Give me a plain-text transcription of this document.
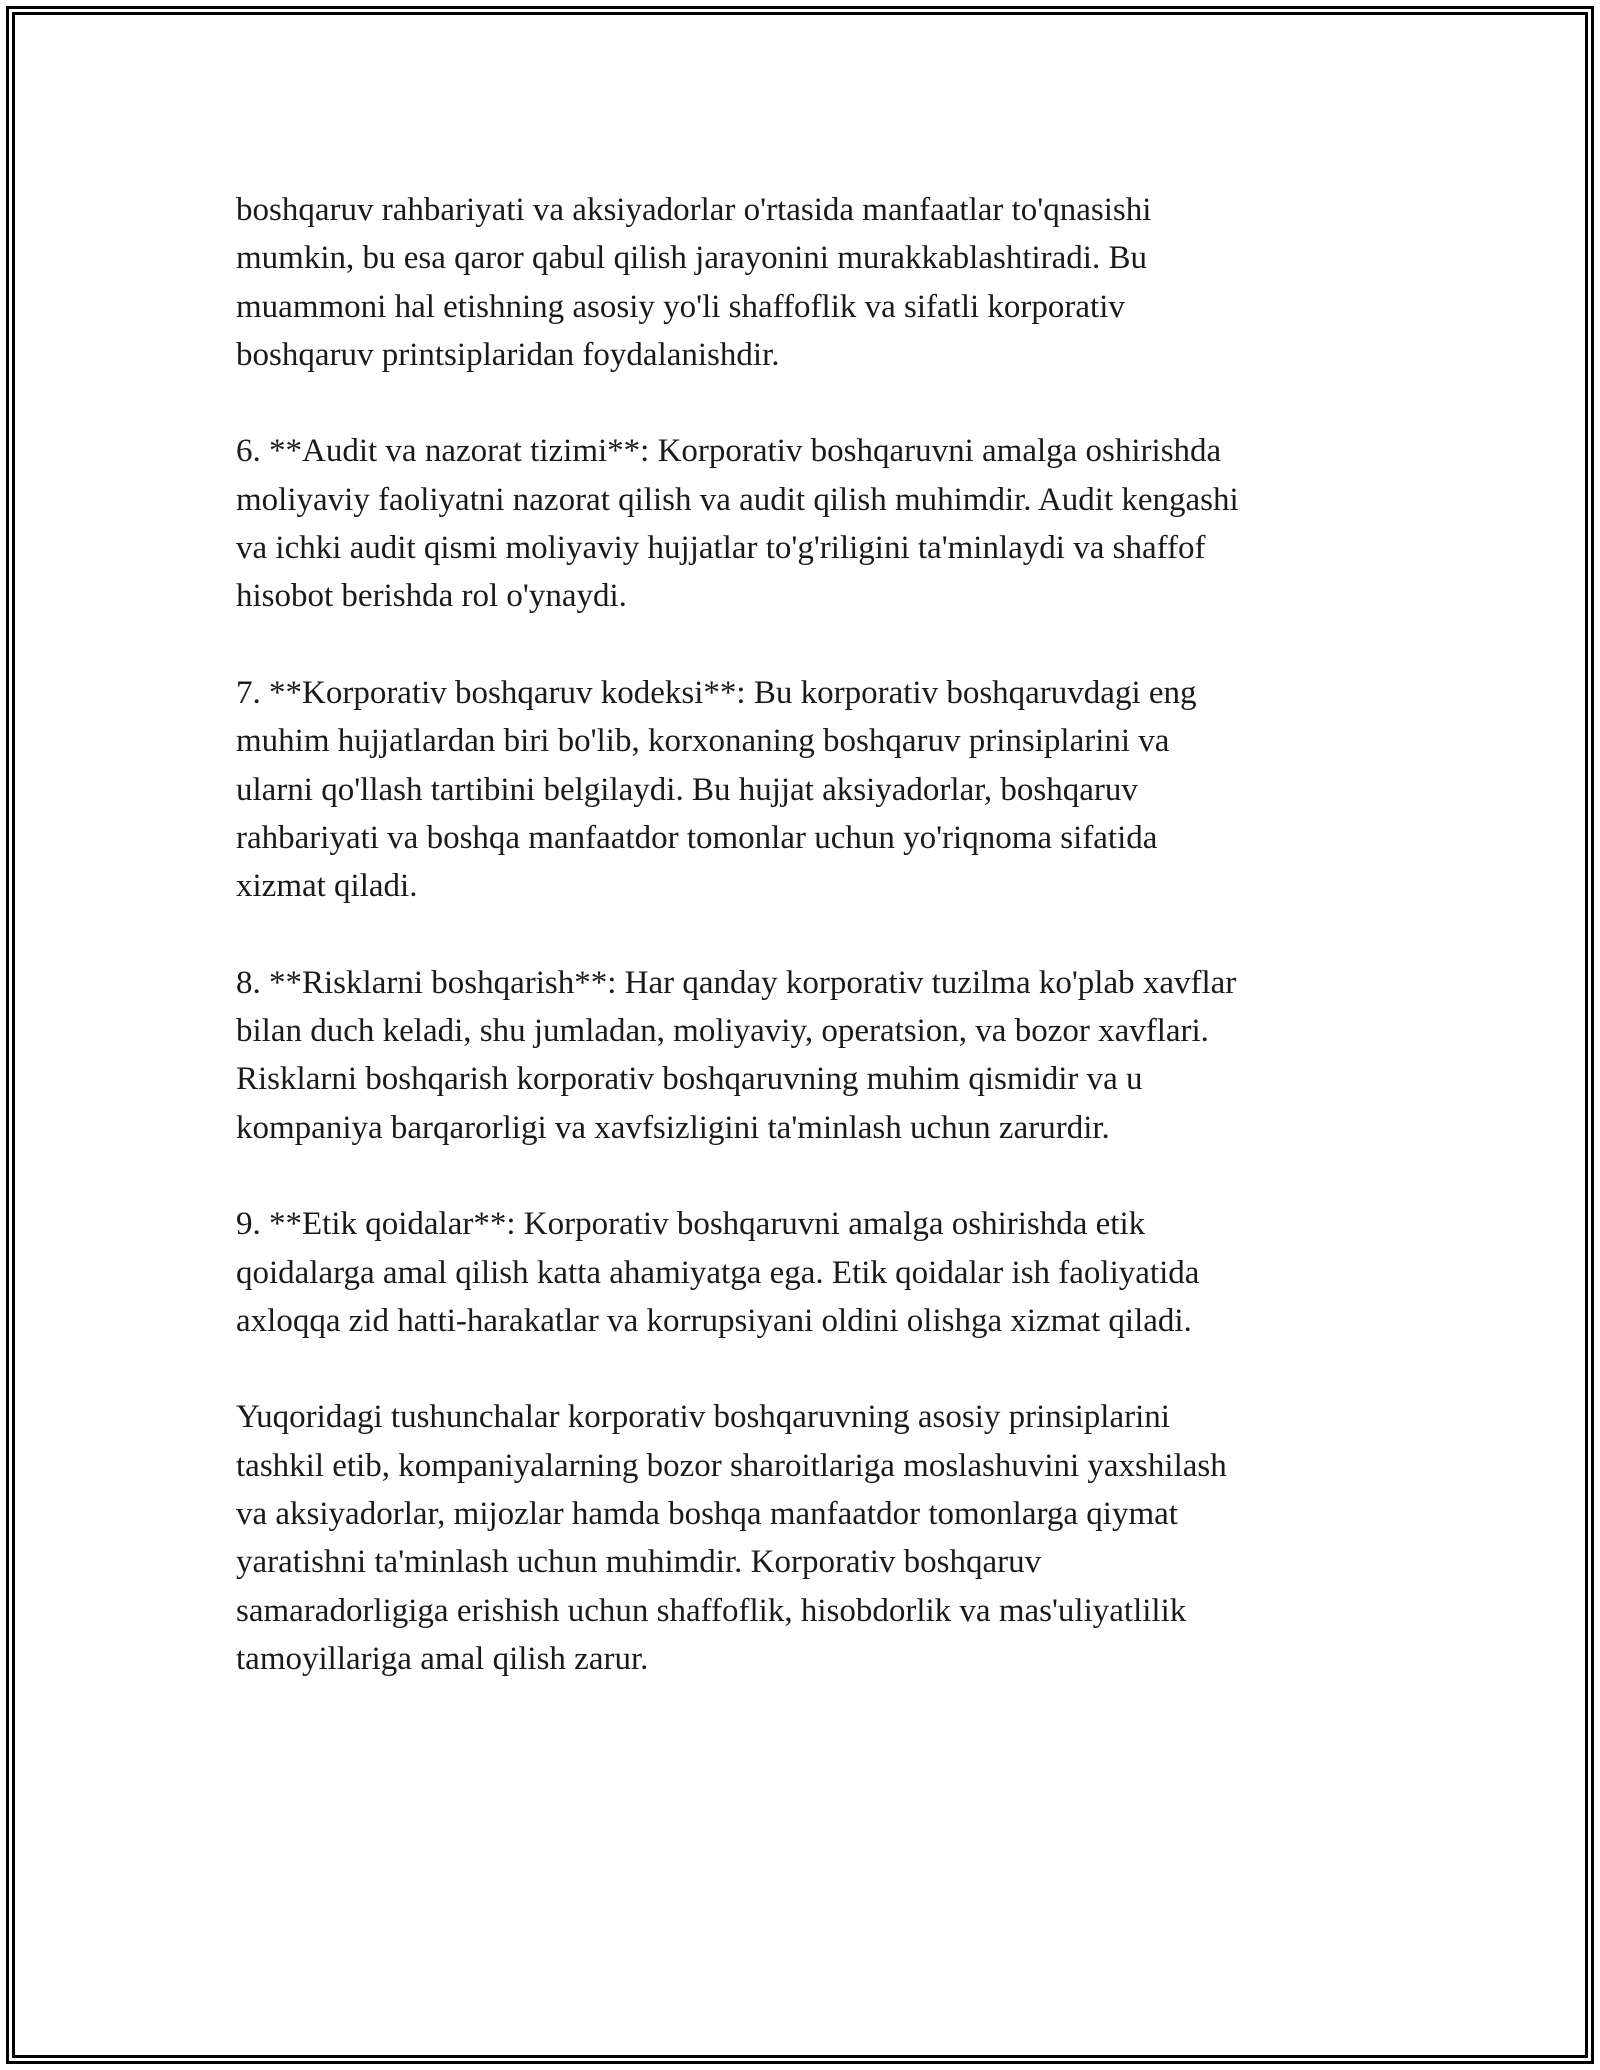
boshqaruv rahbariyati va aksiyadorlar o'rtasida manfaatlar to'qnasishi
mumkin, bu esa qaror qabul qilish jarayonini murakkablashtiradi. Bu
muammoni hal etishning asosiy yo'li shaffoflik va sifatli korporativ
boshqaruv printsiplaridan foydalanishdir.

6. **Audit va nazorat tizimi**: Korporativ boshqaruvni amalga oshirishda
moliyaviy faoliyatni nazorat qilish va audit qilish muhimdir. Audit kengashi
va ichki audit qismi moliyaviy hujjatlar to'g'riligini ta'minlaydi va shaffof
hisobot berishda rol o'ynaydi.

7. **Korporativ boshqaruv kodeksi**: Bu korporativ boshqaruvdagi eng
muhim hujjatlardan biri bo'lib, korxonaning boshqaruv prinsiplarini va
ularni qo'llash tartibini belgilaydi. Bu hujjat aksiyadorlar, boshqaruv
rahbariyati va boshqa manfaatdor tomonlar uchun yo'riqnoma sifatida
xizmat qiladi.

8. **Risklarni boshqarish**: Har qanday korporativ tuzilma ko'plab xavflar
bilan duch keladi, shu jumladan, moliyaviy, operatsion, va bozor xavflari.
Risklarni boshqarish korporativ boshqaruvning muhim qismidir va u
kompaniya barqarorligi va xavfsizligini ta'minlash uchun zarurdir.

9. **Etik qoidalar**: Korporativ boshqaruvni amalga oshirishda etik
qoidalarga amal qilish katta ahamiyatga ega. Etik qoidalar ish faoliyatida
axloqqa zid hatti-harakatlar va korrupsiyani oldini olishga xizmat qiladi.

Yuqoridagi tushunchalar korporativ boshqaruvning asosiy prinsiplarini
tashkil etib, kompaniyalarning bozor sharoitlariga moslashuvini yaxshilash
va aksiyadorlar, mijozlar hamda boshqa manfaatdor tomonlarga qiymat
yaratishni ta'minlash uchun muhimdir. Korporativ boshqaruv
samaradorligiga erishish uchun shaffoflik, hisobdorlik va mas'uliyatlilik
tamoyillariga amal qilish zarur.
